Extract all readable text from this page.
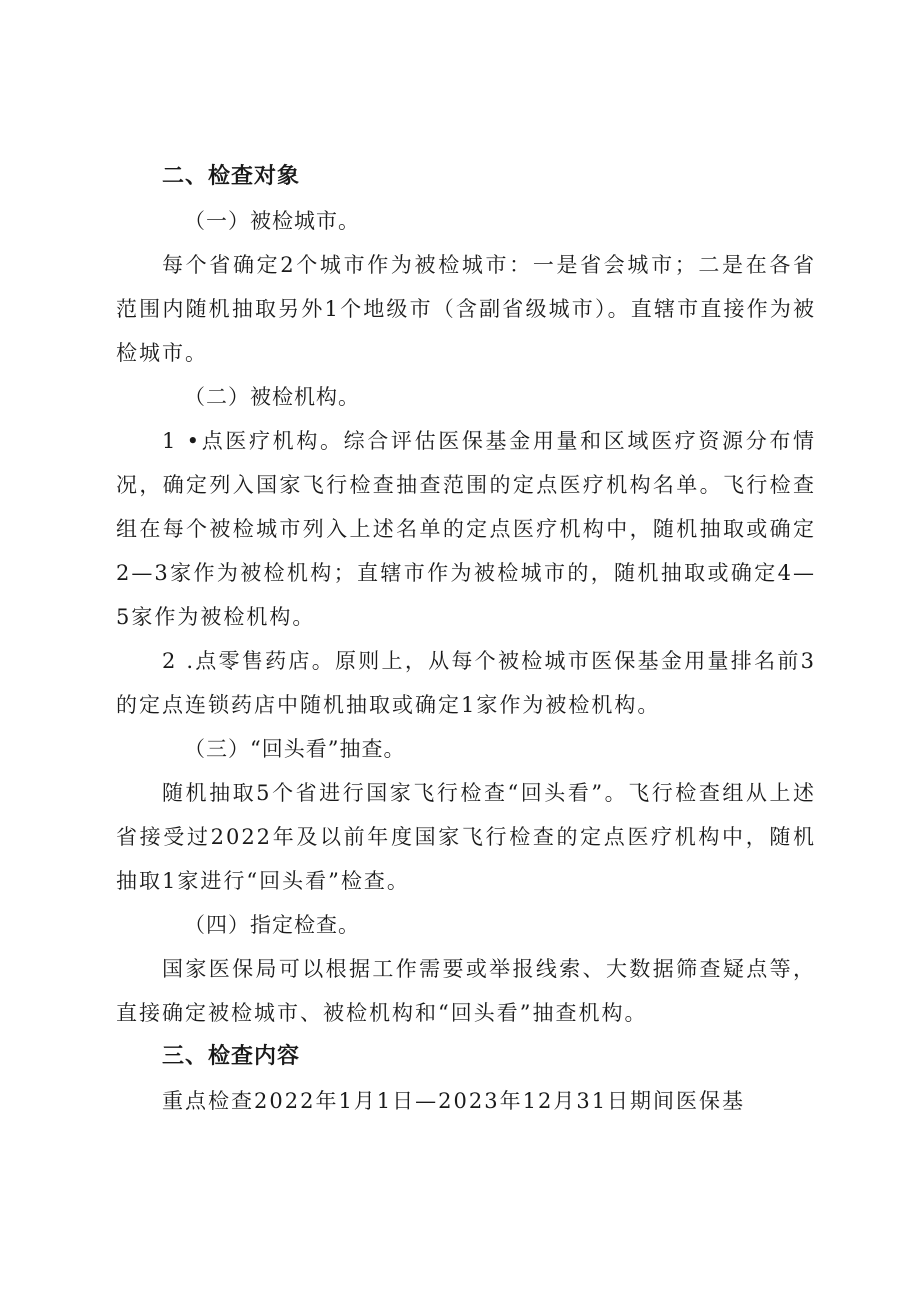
二、检查对象
（一）被检城市。

每个省确定2个城市作为被检城市：一是省会城市；二是在各省范围内随机抽取另外1个地级市（含副省级城市）。直辖市直接作为被检城市。

（二）被检机构。

1 •点医疗机构。综合评估医保基金用量和区域医疗资源分布情况，确定列入国家飞行检查抽查范围的定点医疗机构名单。飞行检查组在每个被检城市列入上述名单的定点医疗机构中，随机抽取或确定2—3家作为被检机构；直辖市作为被检城市的，随机抽取或确定4—5家作为被检机构。

2 .点零售药店。原则上，从每个被检城市医保基金用量排名前3的定点连锁药店中随机抽取或确定1家作为被检机构。

（三）“回头看”抽查。

随机抽取5个省进行国家飞行检查“回头看”。飞行检查组从上述省接受过2022年及以前年度国家飞行检查的定点医疗机构中，随机抽取1家进行“回头看”检查。

（四）指定检查。

国家医保局可以根据工作需要或举报线索、大数据筛查疑点等，直接确定被检城市、被检机构和“回头看”抽查机构。

三、检查内容

重点检查2022年1月1日—2023年12月31日期间医保基
